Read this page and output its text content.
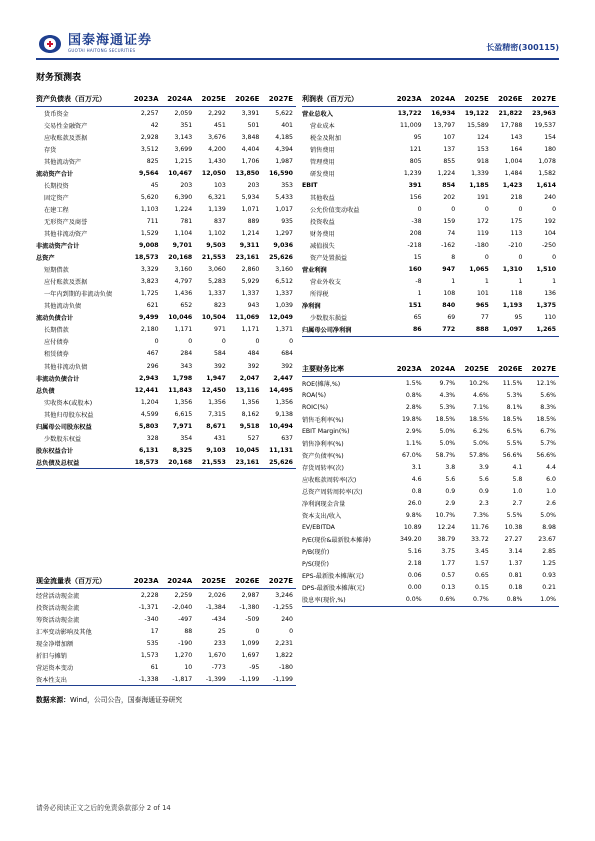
国泰海通证券
GUOTAI HAITONG SECURITIES	长盈精密(300115)
财务预测表
资产负债表（百万元）	2023A	2024A	2025E	2026E	2027E
货币资金	2,257	2,059	2,292	3,391	5,622
交易性金融资产	42	351	451	501	401
应收账款及票据	2,928	3,143	3,676	3,848	4,185
存货	3,512	3,699	4,200	4,404	4,394
其他流动资产	825	1,215	1,430	1,706	1,987
流动资产合计	9,564	10,467	12,050	13,850	16,590
长期投资	45	203	103	203	353
固定资产	5,620	6,390	6,321	5,934	5,433
在建工程	1,103	1,224	1,139	1,071	1,017
无形资产及商誉	711	781	837	889	935
其他非流动资产	1,529	1,104	1,102	1,214	1,297
非流动资产合计	9,008	9,701	9,503	9,311	9,036
总资产	18,573	20,168	21,553	23,161	25,626
短期借款	3,329	3,160	3,060	2,860	3,160
应付账款及票据	3,823	4,797	5,283	5,929	6,512
一年内到期的非流动负债	1,725	1,436	1,337	1,337	1,337
其他流动负债	621	652	823	943	1,039
流动负债合计	9,499	10,046	10,504	11,069	12,049
长期借款	2,180	1,171	971	1,171	1,371
应付债券	0	0	0	0	0
租赁债券	467	284	584	484	684
其他非流动负债	296	343	392	392	392
非流动负债合计	2,943	1,798	1,947	2,047	2,447
总负债	12,441	11,843	12,450	13,116	14,495
实收资本(或股本)	1,204	1,356	1,356	1,356	1,356
其他归母股东权益	4,599	6,615	7,315	8,162	9,138
归属母公司股东权益	5,803	7,971	8,671	9,518	10,494
少数股东权益	328	354	431	527	637
股东权益合计	6,131	8,325	9,103	10,045	11,131
总负债及总权益	18,573	20,168	21,553	23,161	25,626
利润表（百万元）	2023A	2024A	2025E	2026E	2027E
营业总收入	13,722	16,934	19,122	21,822	23,963
营业成本	11,009	13,797	15,589	17,788	19,537
税金及附加	95	107	124	143	154
销售费用	121	137	153	164	180
管理费用	805	855	918	1,004	1,078
研发费用	1,239	1,224	1,339	1,484	1,582
EBIT	391	854	1,185	1,423	1,614
其他收益	156	202	191	218	240
公允价值变动收益	0	0	0	0	0
投资收益	-38	159	172	175	192
财务费用	208	74	119	113	104
减值损失	-218	-162	-180	-210	-250
资产处置损益	15	8	0	0	0
营业利润	160	947	1,065	1,310	1,510
营业外收支	-8	1	1	1	1
所得税	1	108	101	118	136
净利润	151	840	965	1,193	1,375
少数股东损益	65	69	77	95	110
归属母公司净利润	86	772	888	1,097	1,265
主要财务比率	2023A	2024A	2025E	2026E	2027E
ROE(摊薄,%)	1.5%	9.7%	10.2%	11.5%	12.1%
ROA(%)	0.8%	4.3%	4.6%	5.3%	5.6%
ROIC(%)	2.8%	5.3%	7.1%	8.1%	8.3%
销售毛利率(%)	19.8%	18.5%	18.5%	18.5%	18.5%
EBIT Margin(%)	2.9%	5.0%	6.2%	6.5%	6.7%
销售净利率(%)	1.1%	5.0%	5.0%	5.5%	5.7%
资产负债率(%)	67.0%	58.7%	57.8%	56.6%	56.6%
存货周转率(次)	3.1	3.8	3.9	4.1	4.4
应收账款周转率(次)	4.6	5.6	5.6	5.8	6.0
总资产周转周转率(次)	0.8	0.9	0.9	1.0	1.0
净利润现金含量	26.0	2.9	2.3	2.7	2.6
资本支出/收入	9.8%	10.7%	7.3%	5.5%	5.0%
EV/EBITDA	10.89	12.24	11.76	10.38	8.98
P/E(现价&最新股本摊薄)	349.20	38.79	33.72	27.27	23.67
P/B(现价)	5.16	3.75	3.45	3.14	2.85
P/S(现价)	2.18	1.77	1.57	1.37	1.25
EPS-最新股本摊薄(元)	0.06	0.57	0.65	0.81	0.93
DPS-最新股本摊薄(元)	0.00	0.13	0.15	0.18	0.21
股息率(现价,%)	0.0%	0.6%	0.7%	0.8%	1.0%
现金流量表（百万元）	2023A	2024A	2025E	2026E	2027E
经营活动现金流	2,228	2,259	2,026	2,987	3,246
投资活动现金流	-1,371	-2,040	-1,384	-1,380	-1,255
筹资活动现金流	-340	-497	-434	-509	240
汇率变动影响及其他	17	88	25	0	0
现金净增加额	535	-190	233	1,099	2,231
折旧与摊销	1,573	1,270	1,670	1,697	1,822
营运资本变动	61	10	-773	-95	-180
资本性支出	-1,338	-1,817	-1,399	-1,199	-1,199
数据来源：Wind，公司公告，国泰海通证券研究
请务必阅读正文之后的免责条款部分 2 of 14
